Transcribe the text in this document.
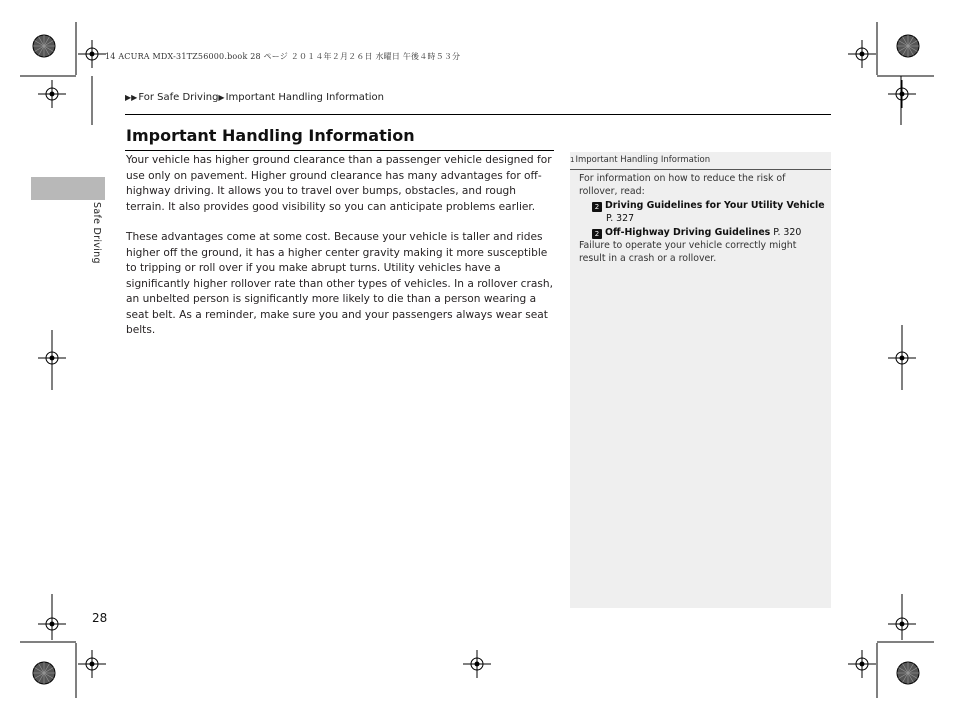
14 ACURA MDX-31TZ56000.book 28 ページ ２０１４年２月２６日 水曜日 午後４時５３分
▶▶For Safe Driving▶Important Handling Information
Safe Driving
Important Handling Information

Your vehicle has higher ground clearance than a passenger vehicle designed for use only on pavement. Higher ground clearance has many advantages for off-highway driving. It allows you to travel over bumps, obstacles, and rough terrain. It also provides good visibility so you can anticipate problems earlier.

These advantages come at some cost. Because your vehicle is taller and rides higher off the ground, it has a higher center gravity making it more susceptible to tripping or roll over if you make abrupt turns. Utility vehicles have a significantly higher rollover rate than other types of vehicles. In a rollover crash, an unbelted person is significantly more likely to die than a person wearing a seat belt. As a reminder, make sure you and your passengers always wear seat belts.

1Important Handling Information

For information on how to reduce the risk of rollover, read:

2 Driving Guidelines for Your Utility Vehicle
P. 327
2 Off-Highway Driving Guidelines P. 320

Failure to operate your vehicle correctly might result in a crash or a rollover.

28
